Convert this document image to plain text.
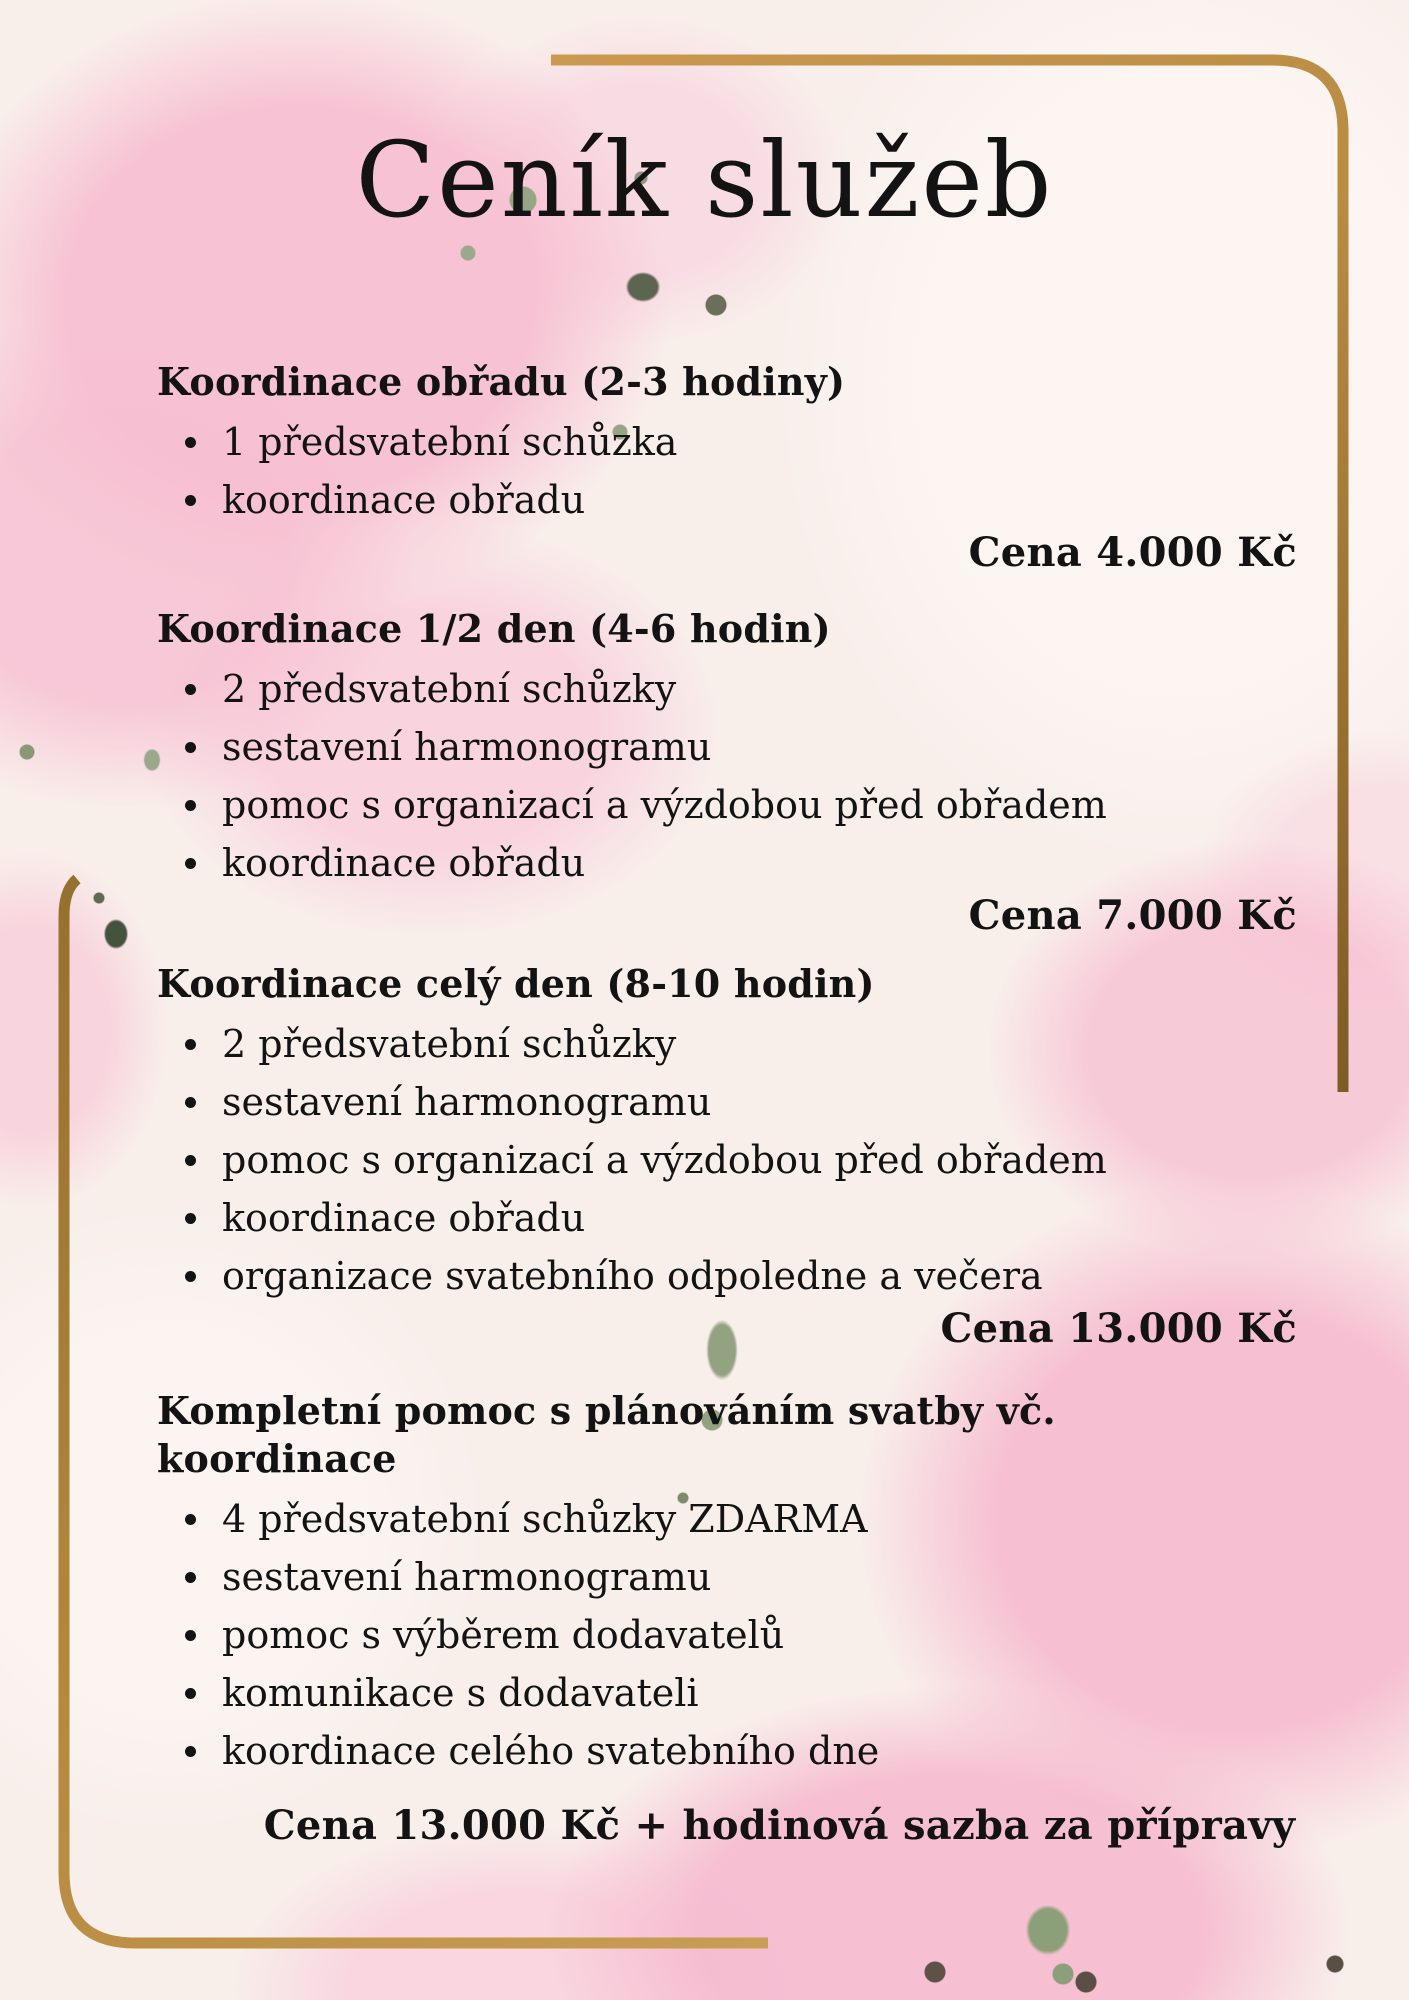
Ceník služeb
Koordinace obřadu (2-3 hodiny)
1 předsvatební schůzka
koordinace obřadu
Cena 4.000 Kč
Koordinace 1/2 den (4-6 hodin)
2 předsvatební schůzky
sestavení harmonogramu
pomoc s organizací a výzdobou před obřadem
koordinace obřadu
Cena 7.000 Kč
Koordinace celý den (8-10 hodin)
2 předsvatební schůzky
sestavení harmonogramu
pomoc s organizací a výzdobou před obřadem
koordinace obřadu
organizace svatebního odpoledne a večera
Cena 13.000 Kč
Kompletní pomoc s plánováním svatby vč. koordinace
4 předsvatební schůzky ZDARMA
sestavení harmonogramu
pomoc s výběrem dodavatelů
komunikace s dodavateli
koordinace celého svatebního dne
Cena 13.000 Kč + hodinová sazba za přípravy
